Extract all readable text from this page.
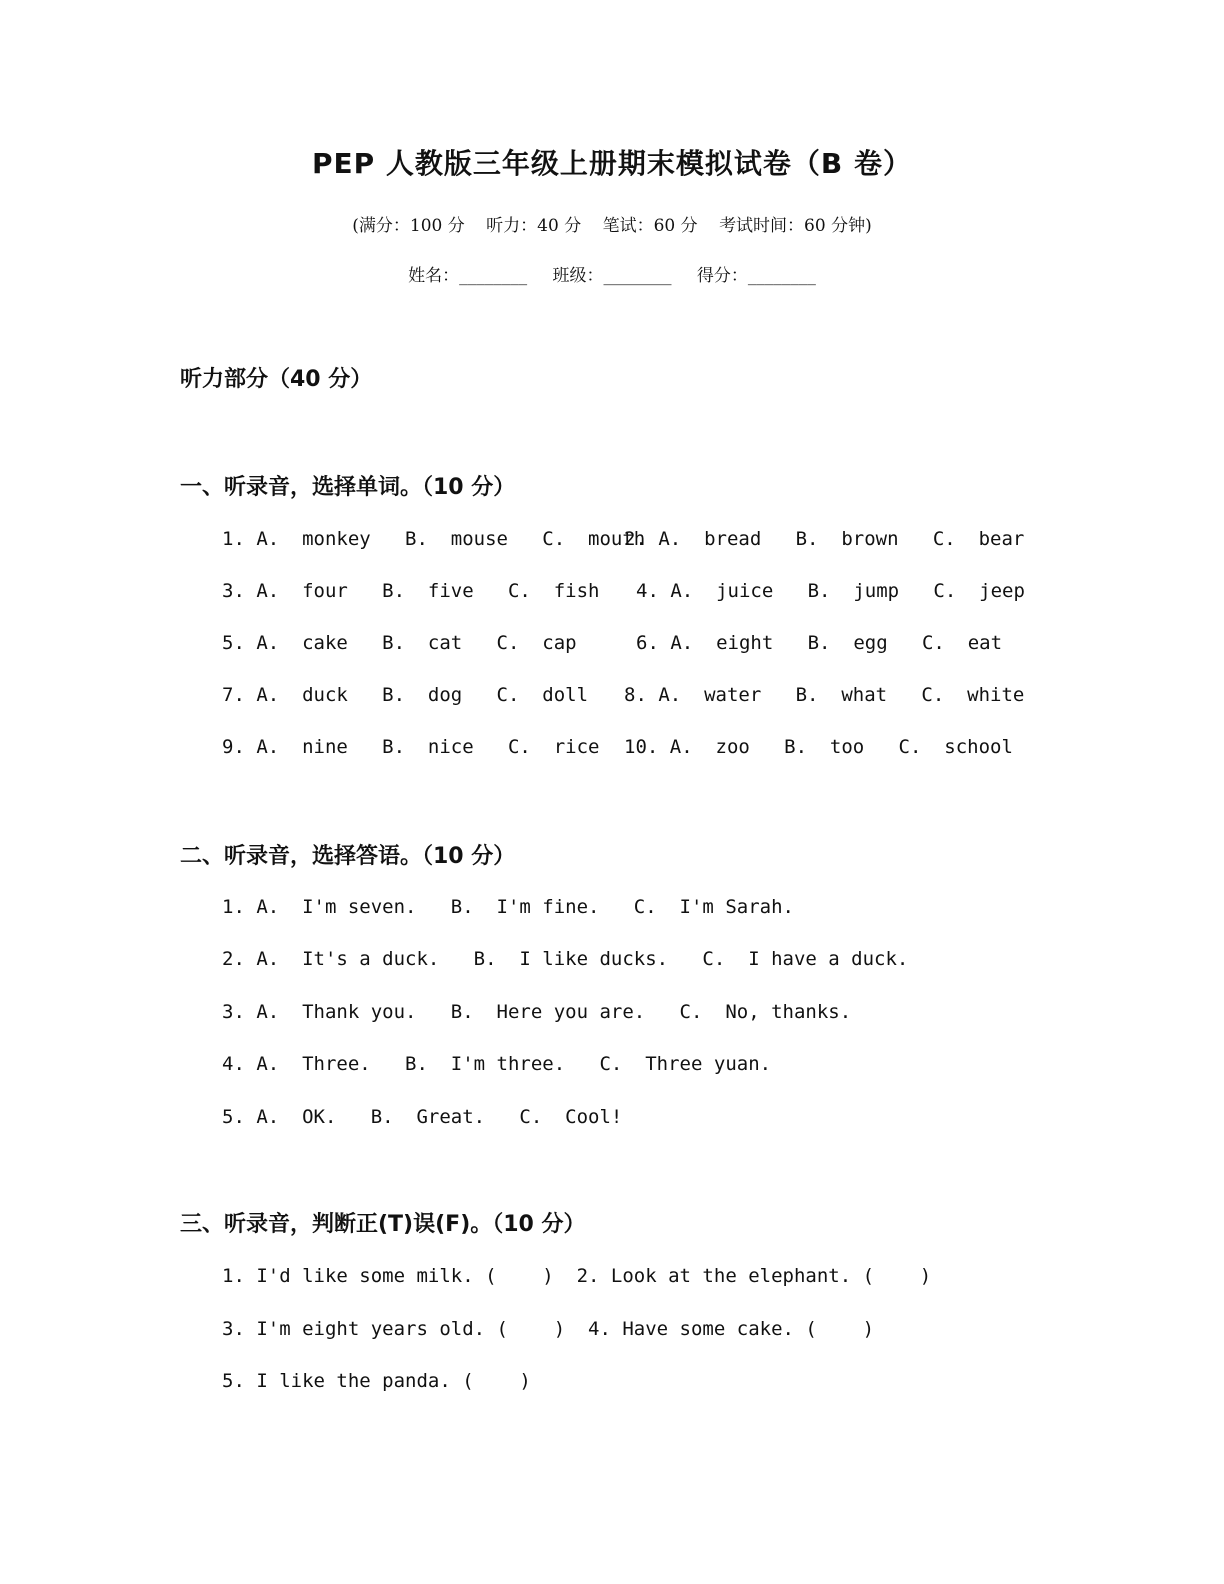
PEP 人教版三年级上册期末模拟试卷（B 卷）
(满分：100 分 听力：40 分 笔试：60 分 考试时间：60 分钟)
姓名：________ 班级：________ 得分：________
听力部分（40 分）
一、听录音，选择单词。（10 分）
1. A.  monkey   B.  mouse   C.  mouth
2. A.  bread   B.  brown   C.  bear
3. A.  four   B.  five   C.  fish 4. A.  juice   B.  jump   C.  jeep
5. A.  cake   B.  cat   C.  cap	6. A.  eight   B.  egg   C.  eat
7. A.  duck   B.  dog   C.  doll 8. A.  water   B.  what   C.  white
9. A.  nine   B.  nice   C.  rice 10. A.  zoo   B.  too   C.  school
二、听录音，选择答语。（10 分）
1. A.  I'm seven.   B.  I'm fine.   C.  I'm Sarah.
2. A.  It's a duck.   B.  I like ducks.   C.  I have a duck.
3. A.  Thank you.   B.  Here you are.   C.  No, thanks.
4. A.  Three.   B.  I'm three.   C.  Three yuan.
5. A.  OK.   B.  Great.   C.  Cool!
三、听录音，判断正(T)误(F)。（10 分）
1. I'd like some milk. (    )  2. Look at the elephant. (    )
3. I'm eight years old. (    )  4. Have some cake. (    )
5. I like the panda. (    )
